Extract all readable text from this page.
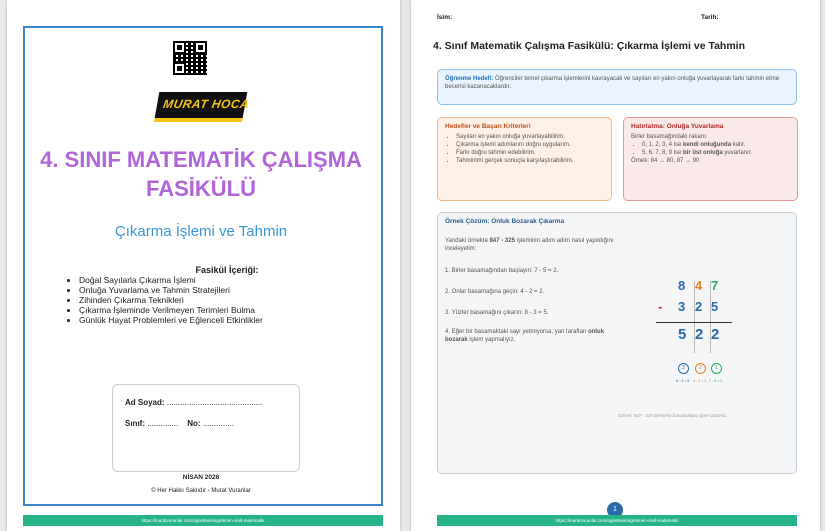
MURAT HOCA
4. SINIF MATEMATİK ÇALIŞMA FASİKÜLÜ
Çıkarma İşlemi ve Tahmin
Fasikül İçeriği:
• Doğal Sayılarla Çıkarma İşlemi
• Onluğa Yuvarlama ve Tahmin Stratejileri
• Zihinden Çıkarma Teknikleri
• Çıkarma İşleminde Verilmeyen Terimleri Bulma
• Günlük Hayat Problemleri ve Eğlenceli Etkinlikler
Ad Soyad: ...........................................
Sınıf: .............. No: ..............
NİSAN 2026
© Her Hakkı Saklıdır - Murat Vuranlar
https://muratvuranlar.com/ogretmen/ogretmen-sinif-matematik
İsim:	Tarih:
4. Sınıf Matematik Çalışma Fasikülü: Çıkarma İşlemi ve Tahmin
Öğrenme Hedefi: Öğrenciler temel çıkarma işlemlerini kavrayacak ve sayıları en yakın onluğa yuvarlayarak farkı tahmin etme becerisi kazanacaklardır.
Hedefler ve Başarı Kriterleri
• Sayıları en yakın onluğa yuvarlayabilirim.
• Çıkarma işlemi adımlarını doğru uygularım.
• Farkı doğru tahmin edebilirim.
• Tahminimi gerçek sonuçla karşılaştırabilirim.
Hatırlatma: Onluğa Yuvarlama
Birler basamağındaki rakam:
• 0, 1, 2, 3, 4 ise kendi onluğunda kalır.
• 5, 6, 7, 8, 9 ise bir üst onluğa yuvarlanır.
Örnek: 84 → 80, 87 → 90
Örnek Çözüm: Onluk Bozarak Çıkarma
Yandaki örnekte 847 - 325 işleminin adım adım nasıl yapıldığını inceleyelim:
1. Birler basamağından başlayın: 7 - 5 = 2.
2. Onlar basamağına geçin: 4 - 2 = 2.
3. Yüzler basamağını çıkarın: 8 - 3 = 5.
4. Eğer bir basamaktaki sayı yetmiyorsa, yan taraftan onluk bozarak işlem yapmalıyız.
8 4 7
- 3 2 5
5 2 2
3	2	1
8 - 3 = 5 4 - 2 = 2 7 - 5 = 2
Görsel: 847 - 325 işleminin basamaklara göre çözümü.
1
https://muratvuranlar.com/ogretmen/ogretmen-sinif-matematik
